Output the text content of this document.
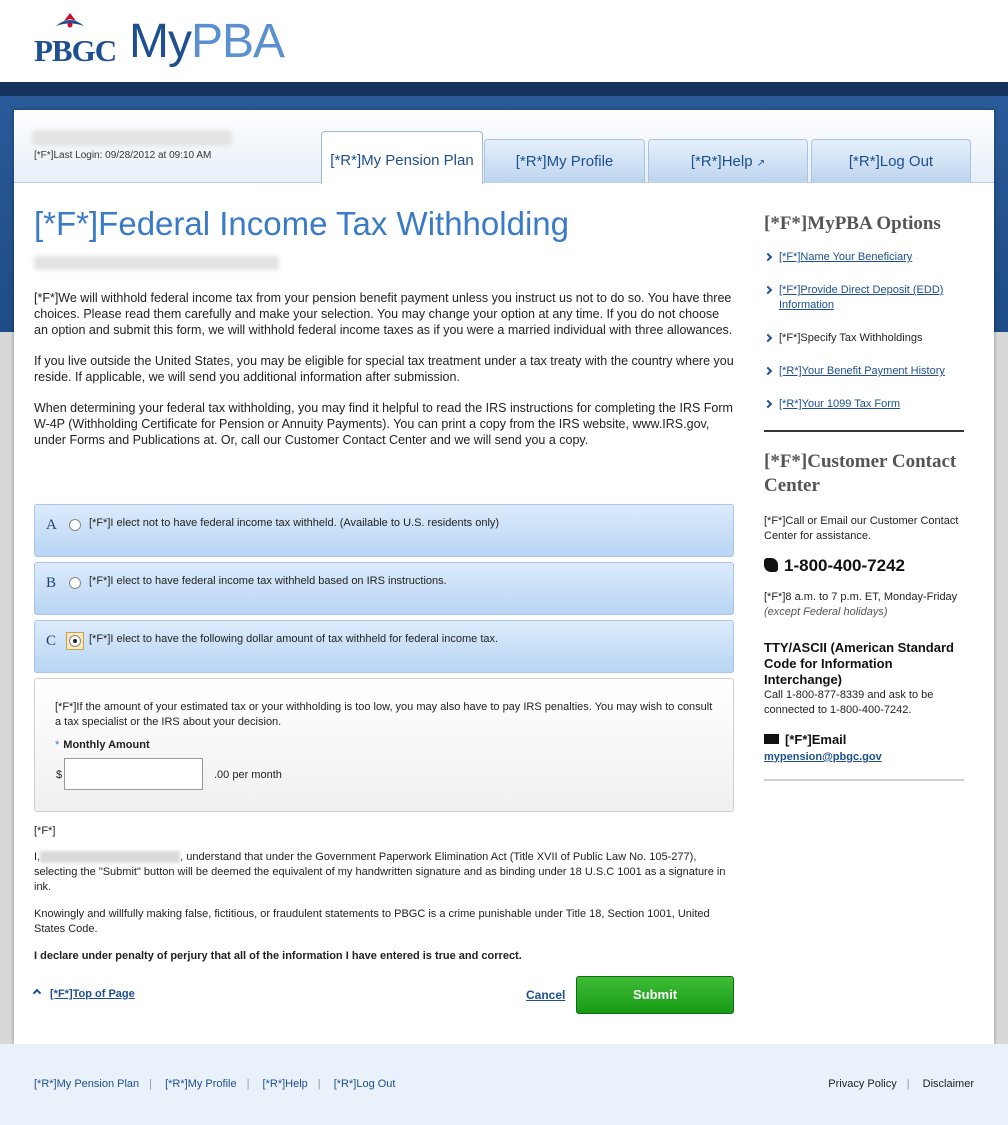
PBGC MyPBA
[*F*]Last Login: 09/28/2012 at 09:10 AM	[*R*]My Pension Plan	[*R*]My Profile	[*R*]Help ↗	[*R*]Log Out
[*F*]Federal Income Tax Withholding

[*F*]We will withhold federal income tax from your pension benefit payment unless you instruct us not to do so. You have three choices. Please read them carefully and make your selection. You may change your option at any time. If you do not choose an option and submit this form, we will withhold federal income taxes as if you were a married individual with three allowances.

If you live outside the United States, you may be eligible for special tax treatment under a tax treaty with the country where you reside. If applicable, we will send you additional information after submission.

When determining your federal tax withholding, you may find it helpful to read the IRS instructions for completing the IRS Form W-4P (Withholding Certificate for Pension or Annuity Payments). You can print a copy from the IRS website, www.IRS.gov, under Forms and Publications at. Or, call our Customer Contact Center and we will send you a copy.

A	[*F*]I elect not to have federal income tax withheld. (Available to U.S. residents only)
B	[*F*]I elect to have federal income tax withheld based on IRS instructions.
C	[*F*]I elect to have the following dollar amount of tax withheld for federal income tax.
[*F*]If the amount of your estimated tax or your withholding is too low, you may also have to pay IRS penalties. You may wish to consult a tax specialist or the IRS about your decision.
* Monthly Amount
$	.00 per month
[*F*]
I,	, understand that under the Government Paperwork Elimination Act (Title XVII of Public Law No. 105-277), selecting the "Submit" button will be deemed the equivalent of my handwritten signature and as binding under 18 U.S.C 1001 as a signature in ink.
Knowingly and willfully making false, fictitious, or fraudulent statements to PBGC is a crime punishable under Title 18, Section 1001, United States Code.
I declare under penalty of perjury that all of the information I have entered is true and correct.
[*F*]Top of Page	Cancel	Submit
[*F*]MyPBA Options
[*F*]Name Your Beneficiary
[*F*]Provide Direct Deposit (EDD) Information
[*F*]Specify Tax Withholdings
[*R*]Your Benefit Payment History
[*R*]Your 1099 Tax Form
[*F*]Customer Contact Center
[*F*]Call or Email our Customer Contact Center for assistance.
1-800-400-7242
[*F*]8 a.m. to 7 p.m. ET, Monday-Friday
(except Federal holidays)
TTY/ASCII (American Standard Code for Information Interchange)
Call 1-800-877-8339 and ask to be connected to 1-800-400-7242.
[*F*]Email
mypension@pbgc.gov
[*R*]My Pension Plan | [*R*]My Profile | [*R*]Help | [*R*]Log Out	Privacy Policy | Disclaimer
